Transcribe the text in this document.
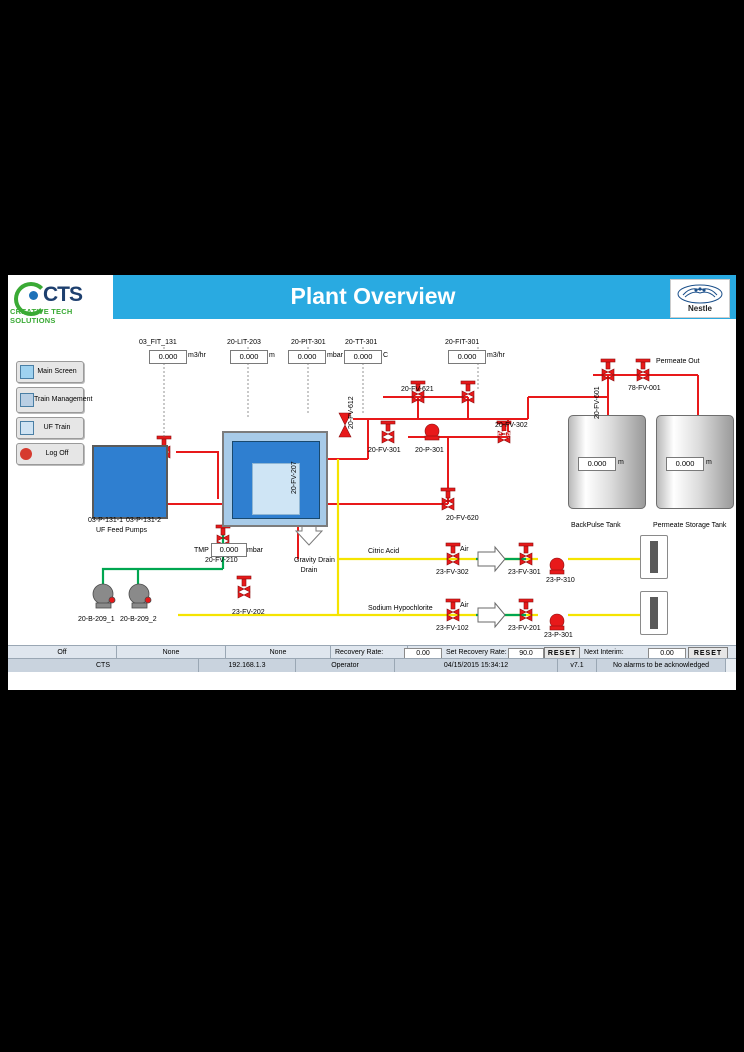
CTS
CREATIVE TECH SOLUTIONS
Plant Overview	Nestle
Main Screen
Train Management
UF Train
Log Off
Membrane Tank
03_FIT_131
0.000	m3/hr
20-LIT-203
0.000	m
20-PIT-301
0.000	mbar
20-TT-301
0.000	C
20-FIT-301
0.000	m3/hr
TMP	0.000	mbar
0.000	m	0.000	m
BackPulse Tank	Permeate Storage Tank
03-P-131-1 03-P-131-2
UF Feed Pumps
20-FV-612
20-FV-621	20-FV-601	78-FV-001
Permeate Out
20-FV-301 20-P-301
20-FV-302
20-FV-620
20-FV-207
20-FV-210
23-FV-202
Gravity Drain
Drain
Citric Acid
Sodium Hypochlorite
Air
Air
23-FV-301
23-FV-302
23-P-310
23-FV-201
23-FV-102
23-P-301
20-B-209_1 20-B-209_2
Off	None	None	Recovery Rate:	0.00	Set Recovery Rate:	90.0	RESET	Next Interim:	0.00	RESET
CTS	192.168.1.3	Operator	04/15/2015 15:34:12	v7.1	No alarms to be acknowledged
